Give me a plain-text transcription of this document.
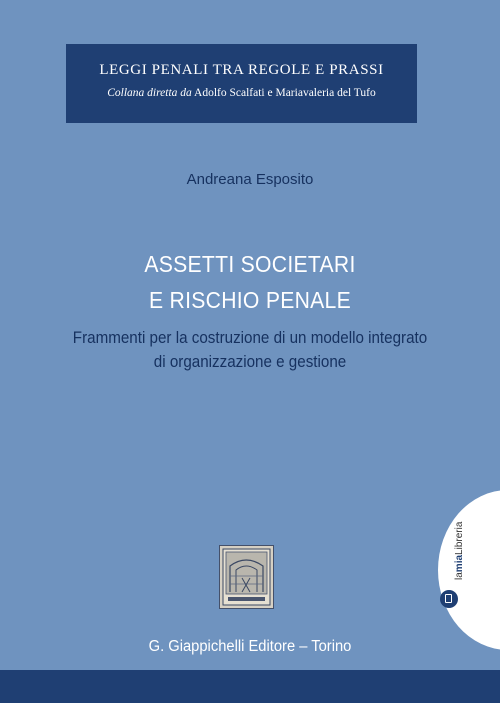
LEGGI PENALI TRA REGOLE E PRASSI
Collana diretta da Adolfo Scalfati e Mariavaleria del Tufo
Andreana Esposito
ASSETTI SOCIETARI
E RISCHIO PENALE
Frammenti per la costruzione di un modello integrato
di organizzazione e gestione
G. Giappichelli Editore – Torino
lamiaLibreria
